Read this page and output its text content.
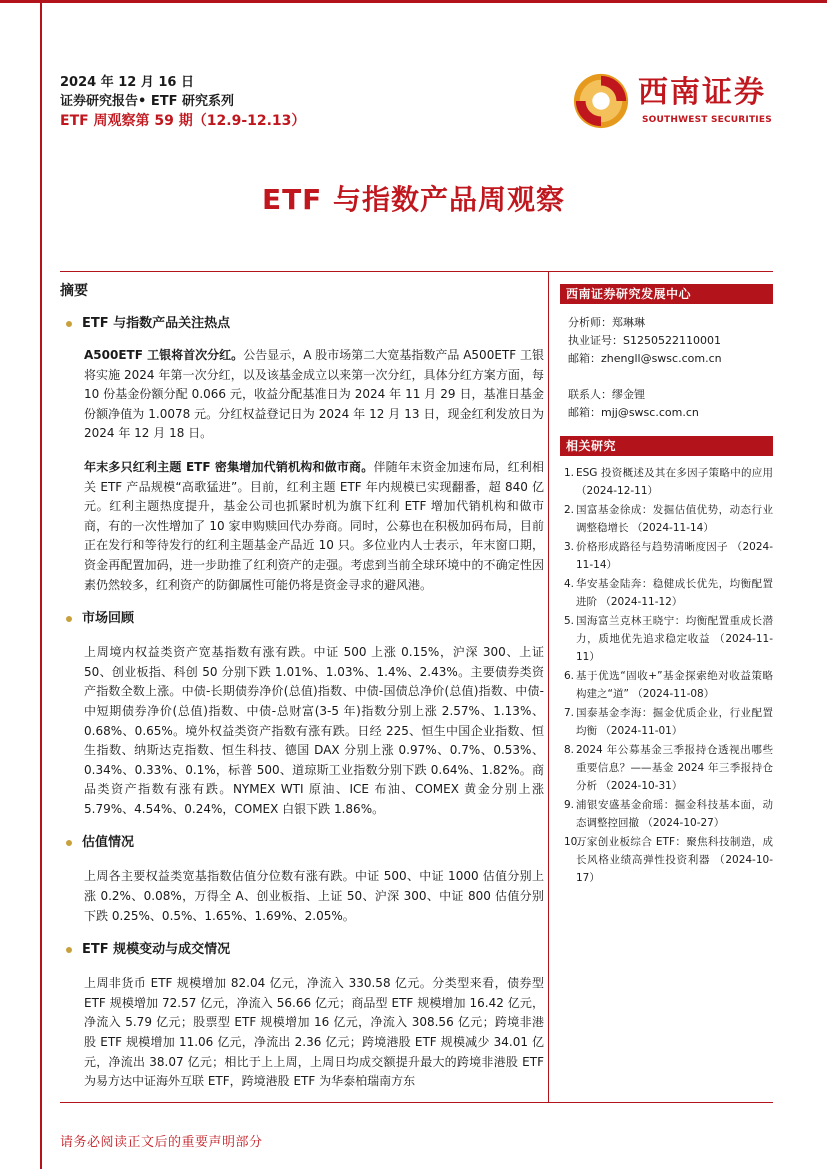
2024 年 12 月 16 日
证券研究报告• ETF 研究系列
ETF 周观察第 59 期（12.9-12.13）
西南证券
SOUTHWEST SECURITIES
ETF 与指数产品周观察
摘要
ETF 与指数产品关注热点
A500ETF 工银将首次分红。公告显示，A 股市场第二大宽基指数产品 A500ETF 工银将实施 2024 年第一次分红，以及该基金成立以来第一次分红，具体分红方案方面，每 10 份基金份额分配 0.066 元，收益分配基准日为 2024 年 11 月 29 日，基准日基金份额净值为 1.0078 元。分红权益登记日为 2024 年 12 月 13 日，现金红利发放日为 2024 年 12 月 18 日。
年末多只红利主题 ETF 密集增加代销机构和做市商。伴随年末资金加速布局，红利相关 ETF 产品规模“高歌猛进”。目前，红利主题 ETF 年内规模已实现翻番，超 840 亿元。红利主题热度提升，基金公司也抓紧时机为旗下红利 ETF 增加代销机构和做市商，有的一次性增加了 10 家申购赎回代办券商。同时，公募也在积极加码布局，目前正在发行和等待发行的红利主题基金产品近 10 只。多位业内人士表示，年末窗口期，资金再配置加码，进一步助推了红利资产的走强。考虑到当前全球环境中的不确定性因素仍然较多，红利资产的防御属性可能仍将是资金寻求的避风港。
市场回顾
上周境内权益类资产宽基指数有涨有跌。中证 500 上涨 0.15%，沪深 300、上证 50、创业板指、科创 50 分别下跌 1.01%、1.03%、1.4%、2.43%。主要债券类资产指数全数上涨。中债-长期债券净价(总值)指数、中债-国债总净价(总值)指数、中债-中短期债券净价(总值)指数、中债-总财富(3-5 年)指数分别上涨 2.57%、1.13%、0.68%、0.65%。境外权益类资产指数有涨有跌。日经 225、恒生中国企业指数、恒生指数、纳斯达克指数、恒生科技、德国 DAX 分别上涨 0.97%、0.7%、0.53%、0.34%、0.33%、0.1%，标普 500、道琼斯工业指数分别下跌 0.64%、1.82%。商品类资产指数有涨有跌。NYMEX WTI 原油、ICE 布油、COMEX 黄金分别上涨 5.79%、4.54%、0.24%，COMEX 白银下跌 1.86%。
估值情况
上周各主要权益类宽基指数估值分位数有涨有跌。中证 500、中证 1000 估值分别上涨 0.2%、0.08%，万得全 A、创业板指、上证 50、沪深 300、中证 800 估值分别下跌 0.25%、0.5%、1.65%、1.69%、2.05%。
ETF 规模变动与成交情况
上周非货币 ETF 规模增加 82.04 亿元，净流入 330.58 亿元。分类型来看，债券型 ETF 规模增加 72.57 亿元，净流入 56.66 亿元；商品型 ETF 规模增加 16.42 亿元，净流入 5.79 亿元；股票型 ETF 规模增加 16 亿元，净流入 308.56 亿元；跨境非港股 ETF 规模增加 11.06 亿元，净流出 2.36 亿元；跨境港股 ETF 规模减少 34.01 亿元，净流出 38.07 亿元；相比于上上周，上周日均成交额提升最大的跨境非港股 ETF 为易方达中证海外互联 ETF，跨境港股 ETF 为华泰柏瑞南方东
西南证券研究发展中心
分析师：郑琳琳
执业证号：S1250522110001
邮箱：zhengll@swsc.com.cn
联系人：缪金锂
邮箱：mjj@swsc.com.cn
相关研究
1. ESG 投资概述及其在多因子策略中的应用 （2024-12-11）
2. 国富基金徐成：发掘估值优势，动态行业调整稳增长 （2024-11-14）
3. 价格形成路径与趋势清晰度因子 （2024-11-14）
4. 华安基金陆奔：稳健成长优先，均衡配置进阶 （2024-11-12）
5. 国海富兰克林王晓宁：均衡配置重成长潜力，质地优先追求稳定收益 （2024-11-11）
6. 基于优选“固收+”基金探索绝对收益策略构建之“道” （2024-11-08）
7. 国泰基金李海：掘金优质企业，行业配置均衡 （2024-11-01）
8. 2024 年公募基金三季报持仓透视出哪些重要信息？——基金 2024 年三季报持仓分析 （2024-10-31）
9. 浦银安盛基金俞瑶：掘金科技基本面，动态调整控回撤 （2024-10-27）
10.
万家创业板综合 ETF：聚焦科技制造，成长风格业绩高弹性投资利器 （2024-10-17）
请务必阅读正文后的重要声明部分
